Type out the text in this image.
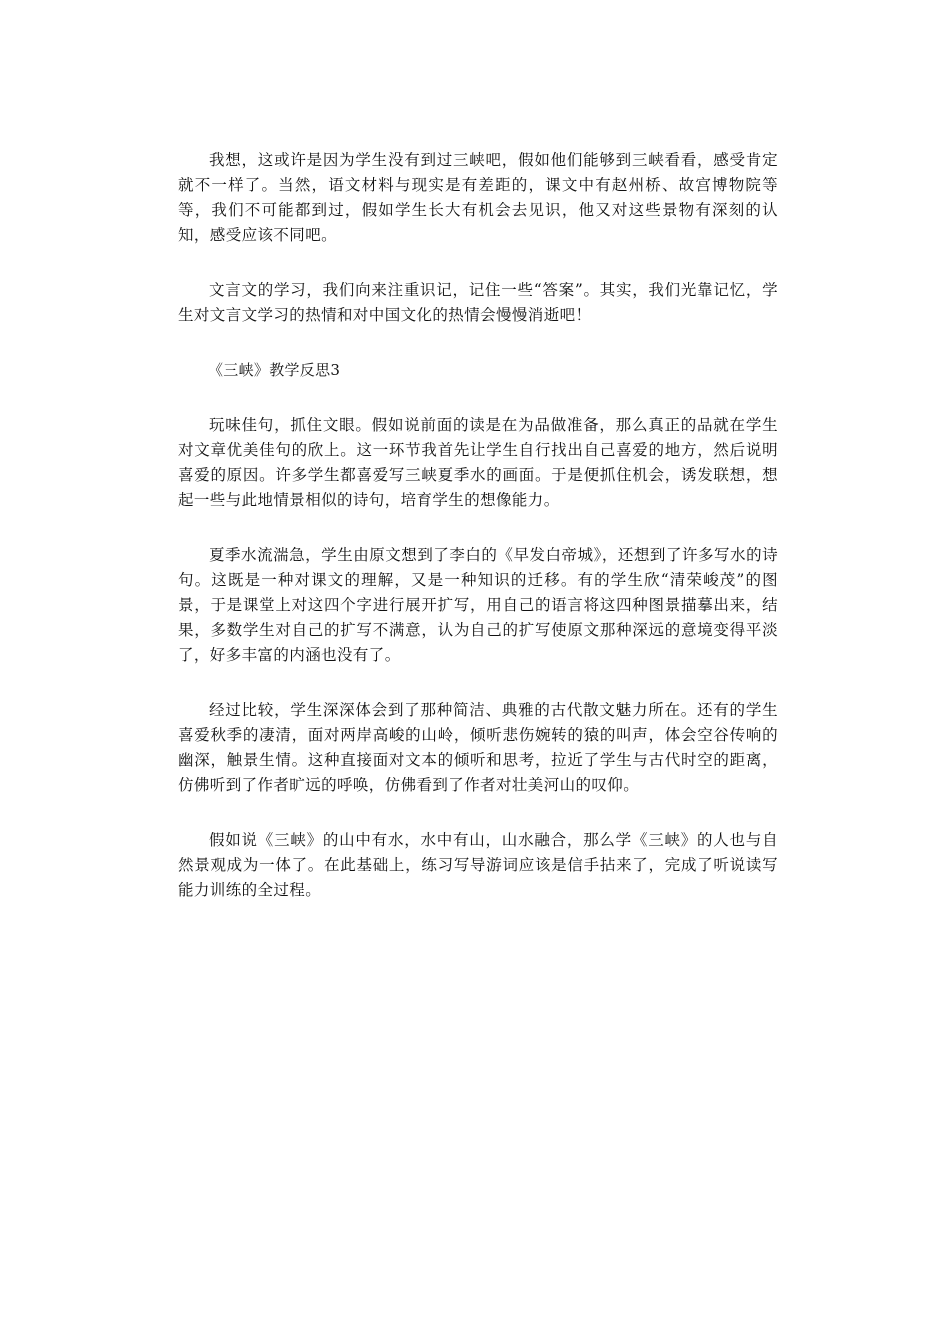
我想，这或许是因为学生没有到过三峡吧，假如他们能够到三峡看看，感受肯定就不一样了。当然，语文材料与现实是有差距的，课文中有赵州桥、故宫博物院等等，我们不可能都到过，假如学生长大有机会去见识，他又对这些景物有深刻的认知，感受应该不同吧。

文言文的学习，我们向来注重识记，记住一些“答案”。其实，我们光靠记忆，学生对文言文学习的热情和对中国文化的热情会慢慢消逝吧！

《三峡》教学反思3

玩味佳句，抓住文眼。假如说前面的读是在为品做准备，那么真正的品就在学生对文章优美佳句的欣上。这一环节我首先让学生自行找出自己喜爱的地方，然后说明喜爱的原因。许多学生都喜爱写三峡夏季水的画面。于是便抓住机会，诱发联想，想起一些与此地情景相似的诗句，培育学生的想像能力。

夏季水流湍急，学生由原文想到了李白的《早发白帝城》，还想到了许多写水的诗句。这既是一种对课文的理解，又是一种知识的迁移。有的学生欣“清荣峻茂”的图景，于是课堂上对这四个字进行展开扩写，用自己的语言将这四种图景描摹出来，结果，多数学生对自己的扩写不满意，认为自己的扩写使原文那种深远的意境变得平淡了，好多丰富的内涵也没有了。

经过比较，学生深深体会到了那种简洁、典雅的古代散文魅力所在。还有的学生喜爱秋季的凄清，面对两岸高峻的山岭，倾听悲伤婉转的猿的叫声，体会空谷传响的幽深，触景生情。这种直接面对文本的倾听和思考，拉近了学生与古代时空的距离，仿佛听到了作者旷远的呼唤，仿佛看到了作者对壮美河山的叹仰。

假如说《三峡》的山中有水，水中有山，山水融合，那么学《三峡》的人也与自然景观成为一体了。在此基础上，练习写导游词应该是信手拈来了，完成了听说读写能力训练的全过程。
